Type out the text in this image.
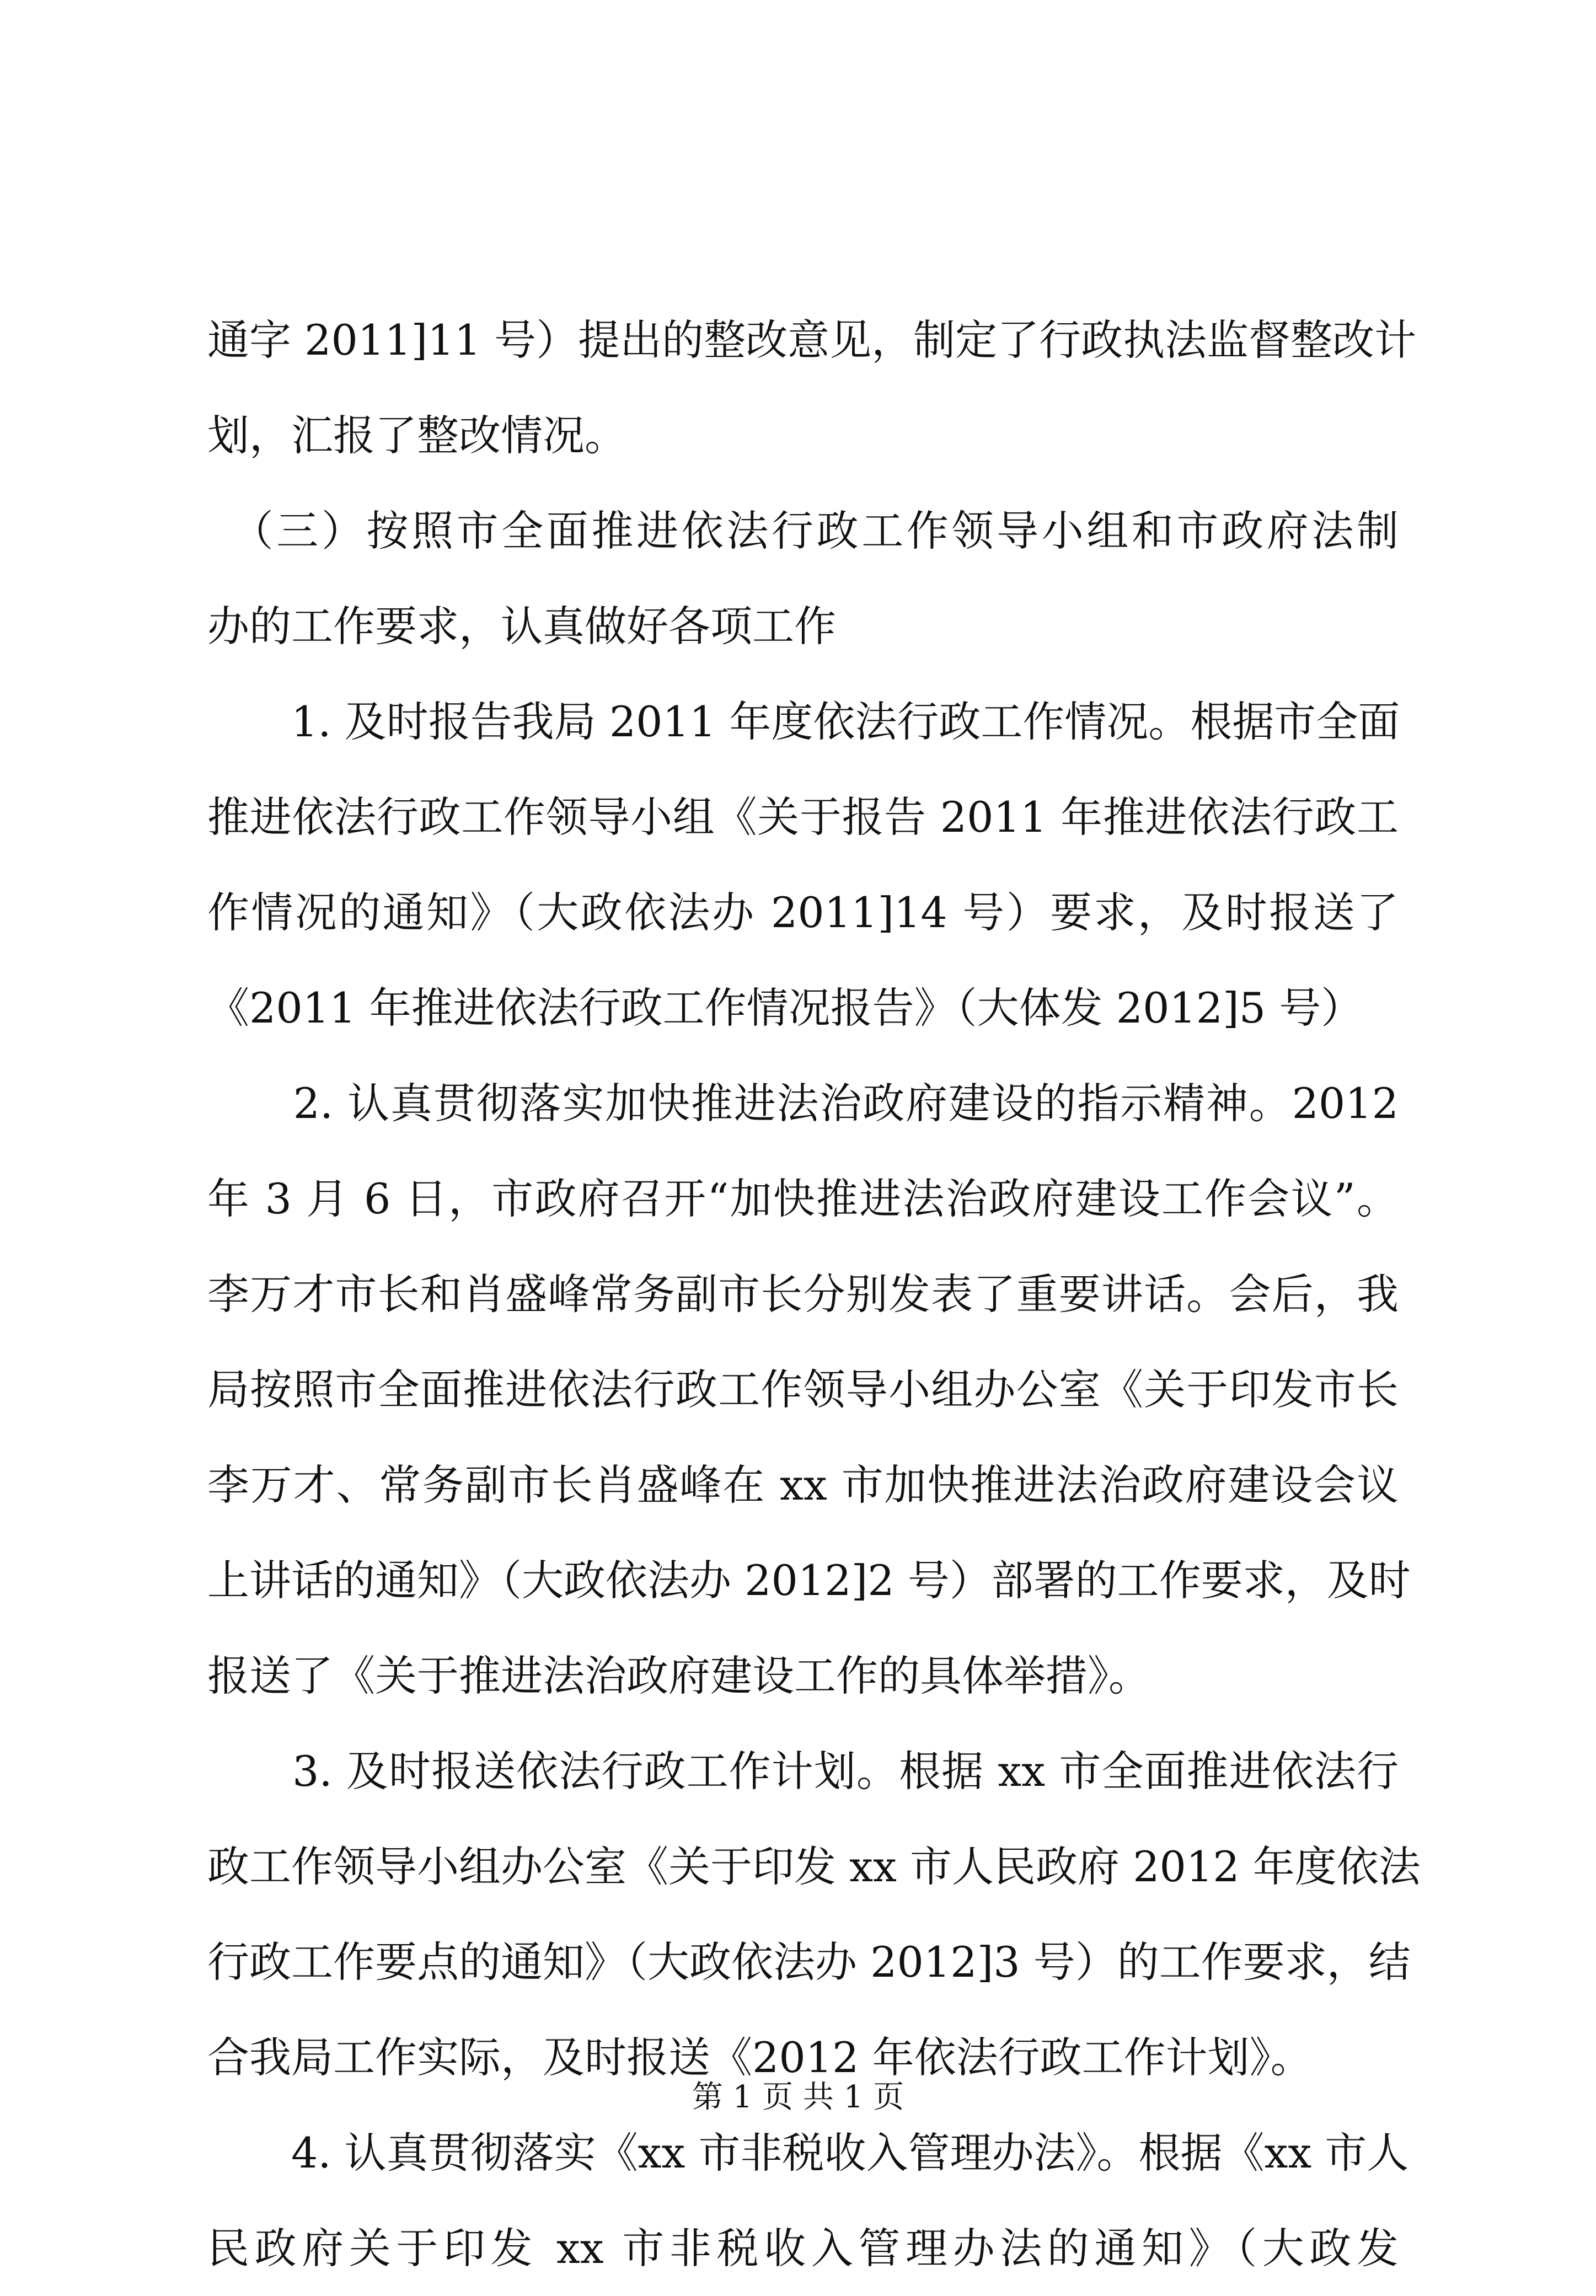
通字 2011]11 号）提出的整改意见，制定了行政执法监督整改计
划，汇报了整改情况。
　（三）按照市全面推进依法行政工作领导小组和市政府法制
办的工作要求，认真做好各项工作
　　1. 及时报告我局 2011 年度依法行政工作情况。根据市全面
推进依法行政工作领导小组《关于报告 2011 年推进依法行政工
作情况的通知》（大政依法办 2011]14 号）要求，及时报送了
《2011 年推进依法行政工作情况报告》（大体发 2012]5 号）
　　2. 认真贯彻落实加快推进法治政府建设的指示精神。2012
年 3 月 6 日，市政府召开“加快推进法治政府建设工作会议”。
李万才市长和肖盛峰常务副市长分别发表了重要讲话。会后，我
局按照市全面推进依法行政工作领导小组办公室《关于印发市长
李万才、常务副市长肖盛峰在 xx 市加快推进法治政府建设会议
上讲话的通知》（大政依法办 2012]2 号）部署的工作要求，及时
报送了《关于推进法治政府建设工作的具体举措》。
　　3. 及时报送依法行政工作计划。根据 xx 市全面推进依法行
政工作领导小组办公室《关于印发 xx 市人民政府 2012 年度依法
行政工作要点的通知》（大政依法办 2012]3 号）的工作要求，结
合我局工作实际，及时报送《2012 年依法行政工作计划》。
　　4. 认真贯彻落实《xx 市非税收入管理办法》。根据《xx 市人
民政府关于印发 xx 市非税收入管理办法的通知》（大政发
第 1 页 共 1 页
